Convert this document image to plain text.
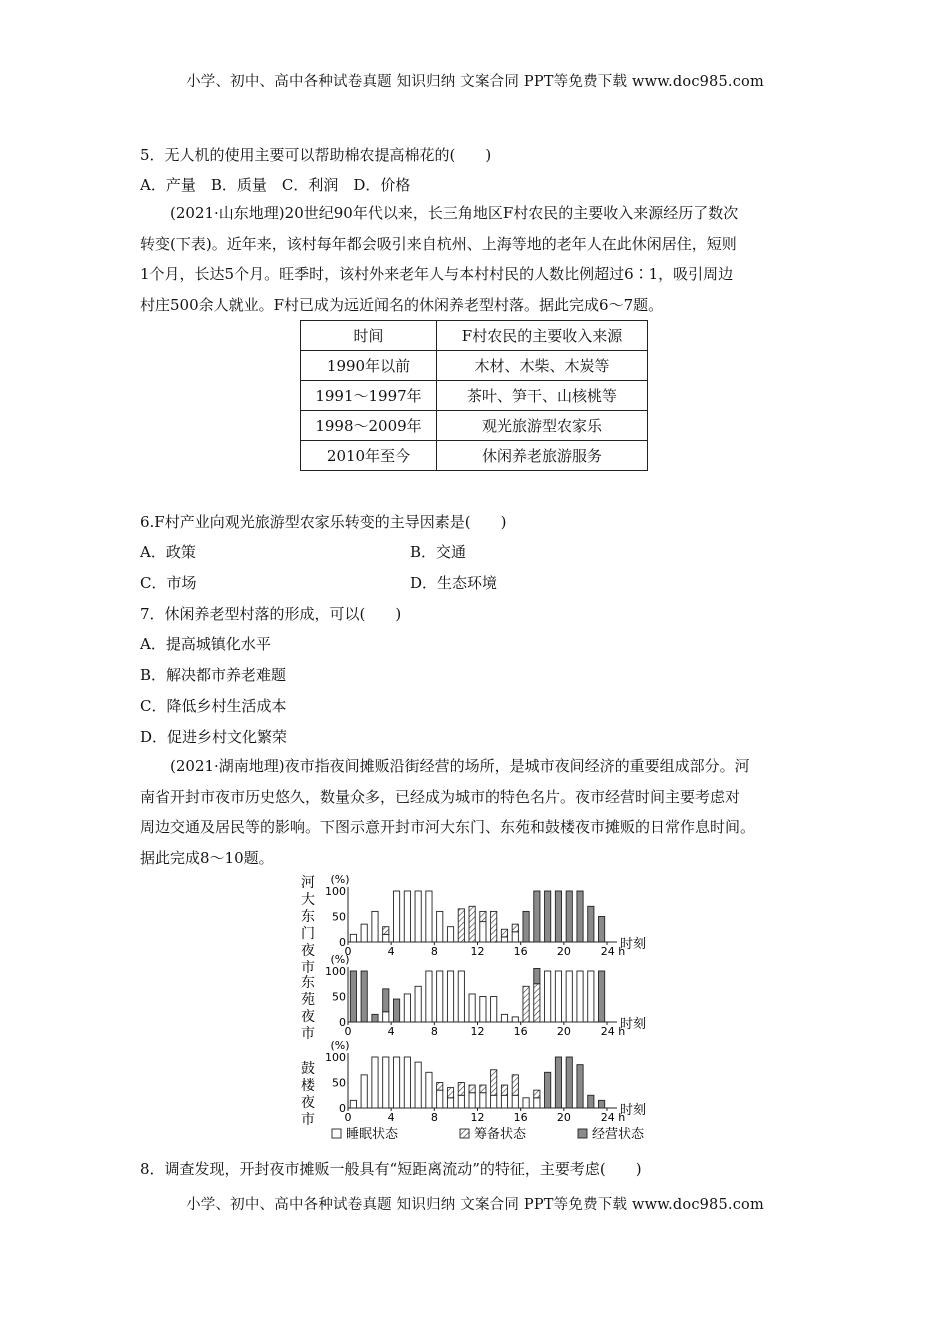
小学、初中、高中各种试卷真题 知识归纳 文案合同 PPT等免费下载 www.doc985.com
5．无人机的使用主要可以帮助棉农提高棉花的(　　)
A．产量　B．质量　C．利润　D．价格
(2021·山东地理)20世纪90年代以来，长三角地区F村农民的主要收入来源经历了数次
转变(下表)。近年来，该村每年都会吸引来自杭州、上海等地的老年人在此休闲居住，短则
1个月，长达5个月。旺季时，该村外来老年人与本村村民的人数比例超过6∶1，吸引周边
村庄500余人就业。F村已成为远近闻名的休闲养老型村落。据此完成6～7题。
时间	F村农民的主要收入来源
1990年以前	木材、木柴、木炭等
1991～1997年	茶叶、笋干、山核桃等
1998～2009年	观光旅游型农家乐
2010年至今	休闲养老旅游服务
6.F村产业向观光旅游型农家乐转变的主导因素是(　　)
A．政策	B．交通
C．市场	D．生态环境
7．休闲养老型村落的形成，可以(　　)
A．提高城镇化水平
B．解决都市养老难题
C．降低乡村生活成本
D．促进乡村文化繁荣
(2021·湖南地理)夜市指夜间摊贩沿街经营的场所，是城市夜间经济的重要组成部分。河
南省开封市夜市历史悠久，数量众多，已经成为城市的特色名片。夜市经营时间主要考虑对
周边交通及居民等的影响。下图示意开封市河大东门、东苑和鼓楼夜市摊贩的日常作息时间。
据此完成8～10题。
河
大
东
门
夜
市
(%)
0
50
100
0	4	8	12	16	20	24 h
时刻
东
苑
夜
市
(%)
0
50
100
0	4	8	12	16	20	24 h
时刻
鼓
楼
夜
市
(%)
0
50
100
0	4	8	12	16	20	24 h
时刻
睡眠状态	筹备状态	经营状态
8．调查发现，开封夜市摊贩一般具有“短距离流动”的特征，主要考虑(　　)
小学、初中、高中各种试卷真题 知识归纳 文案合同 PPT等免费下载 www.doc985.com
